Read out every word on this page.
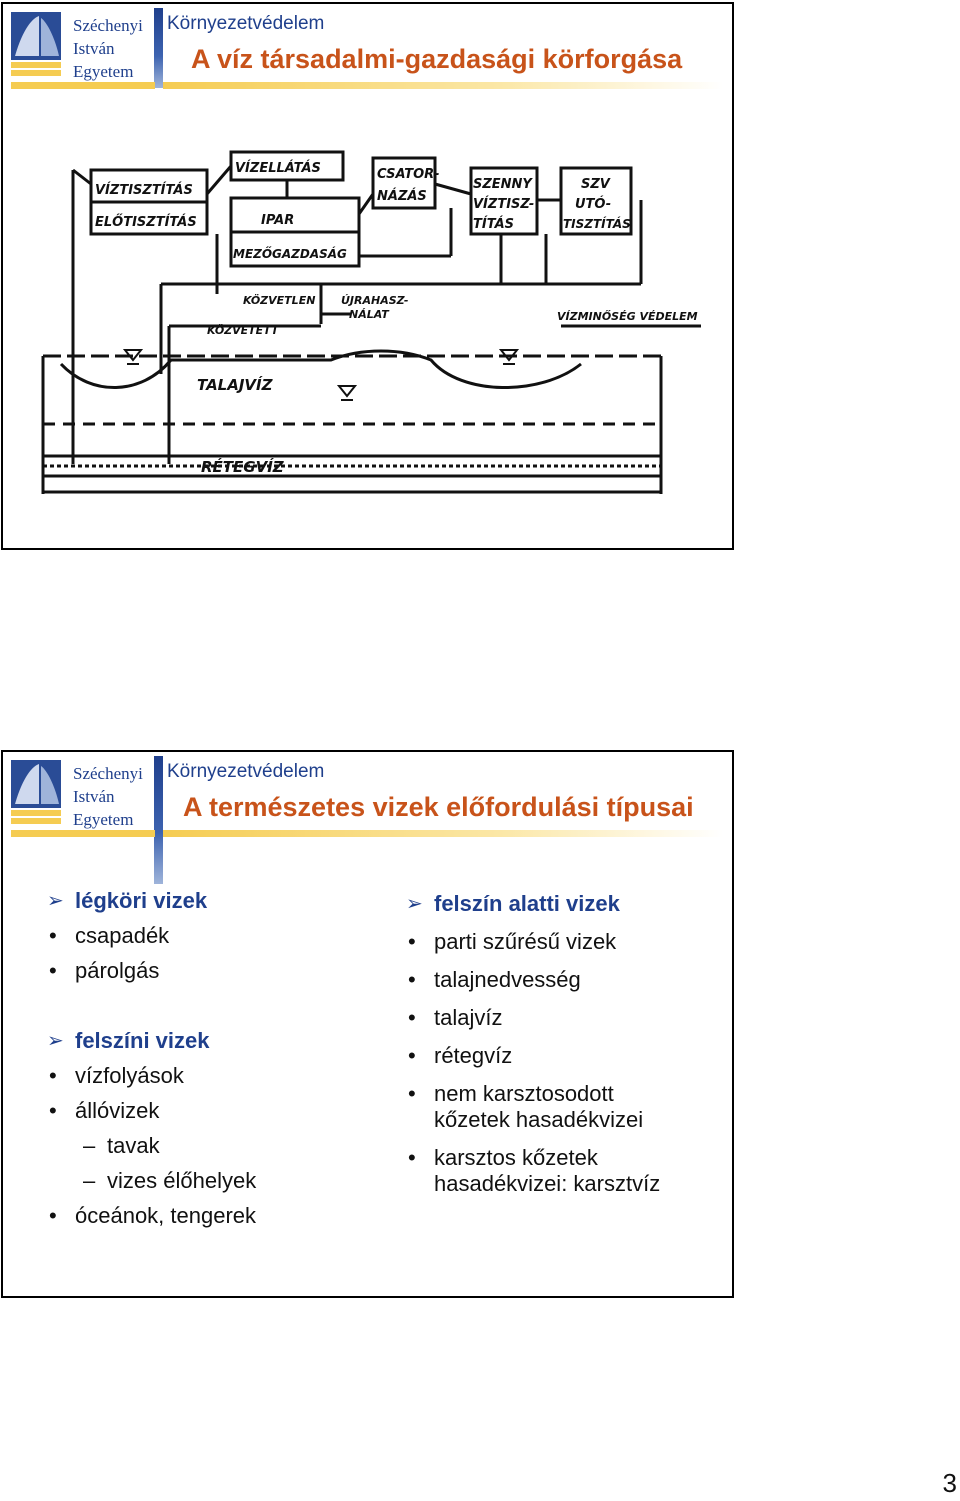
Széchenyi
István
Egyetem
Környezetvédelem
A víz társadalmi-gazdasági körforgása
VÍZTISZTÍTÁS
ELŐTISZTÍTÁS
VÍZELLÁTÁS
IPAR
MEZŐGAZDASÁG
CSATOR-
NÁZÁS
SZENNY
VÍZTISZ-
TÍTÁS
SZV
UTÓ-
TISZTÍTÁS
KÖZVETLEN ÚJRAHASZ-
NÁLAT
KÖZVETETT
VÍZMINŐSÉG VÉDELEM
TALAJVÍZ
RÉTEGVÍZ
Széchenyi
István
Egyetem
Környezetvédelem
A természetes vizek előfordulási típusai
➢ légköri vizek
• csapadék
• párolgás
➢ felszíni vizek
• vízfolyások
• állóvizek
– tavak
– vizes élőhelyek
• óceánok, tengerek
➢ felszín alatti vizek
• parti szűrésű vizek
• talajnedvesség
• talajvíz
• rétegvíz
• nem karsztosodott
kőzetek hasadékvizei
• karsztos kőzetek
hasadékvizei: karsztvíz
3
